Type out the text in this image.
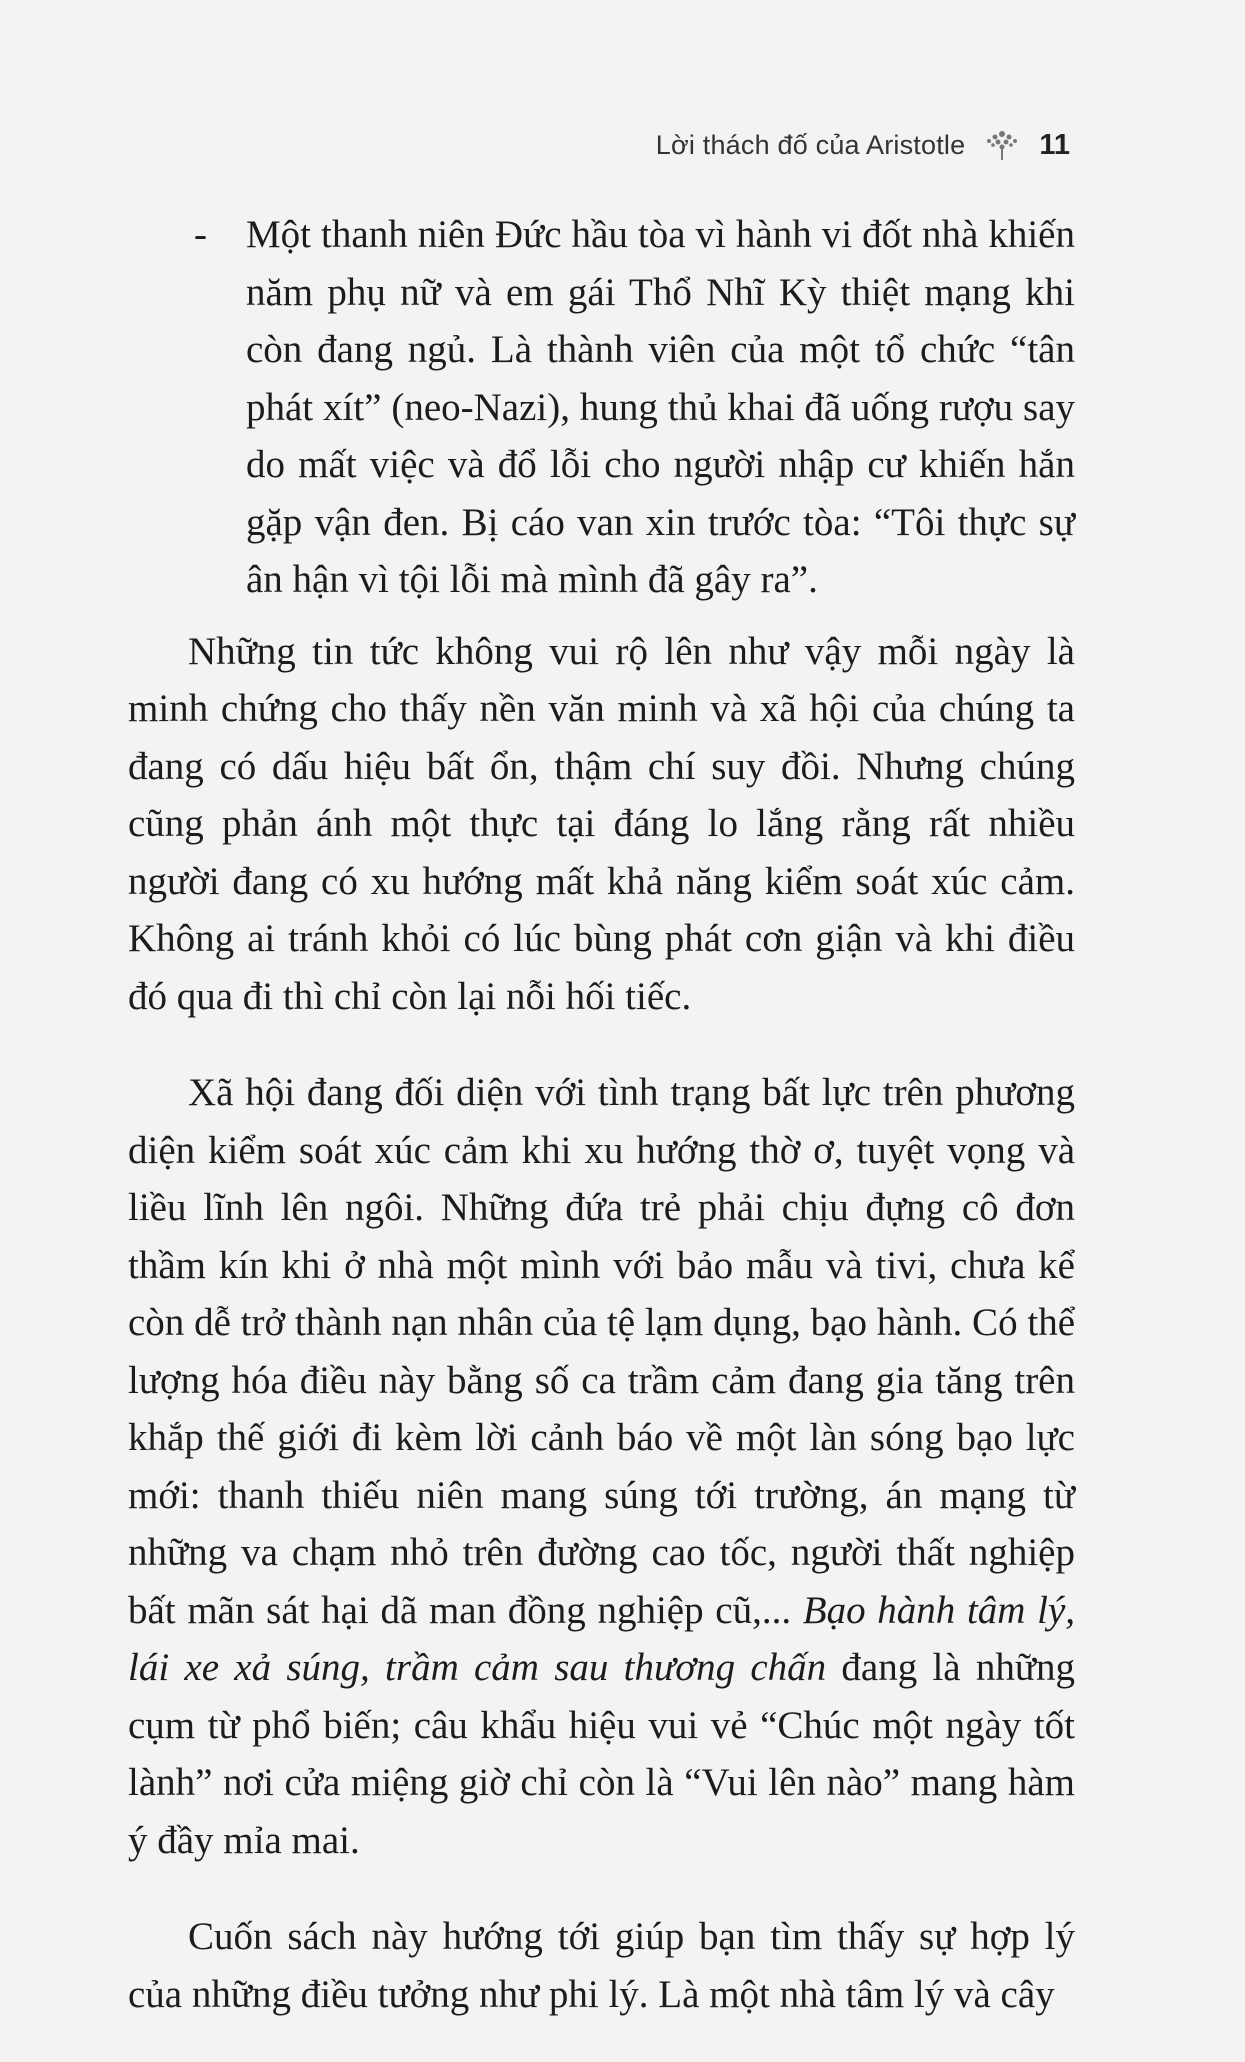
Lời thách đố của Aristotle	11
-	Một thanh niên Đức hầu tòa vì hành vi đốt nhà khiến năm phụ nữ và em gái Thổ Nhĩ Kỳ thiệt mạng khi còn đang ngủ. Là thành viên của một tổ chức “tân phát xít” (neo-Nazi), hung thủ khai đã uống rượu say do mất việc và đổ lỗi cho người nhập cư khiến hắn gặp vận đen. Bị cáo van xin trước tòa: “Tôi thực sự ân hận vì tội lỗi mà mình đã gây ra”.

Những tin tức không vui rộ lên như vậy mỗi ngày là minh chứng cho thấy nền văn minh và xã hội của chúng ta đang có dấu hiệu bất ổn, thậm chí suy đồi. Nhưng chúng cũng phản ánh một thực tại đáng lo lắng rằng rất nhiều người đang có xu hướng mất khả năng kiểm soát xúc cảm. Không ai tránh khỏi có lúc bùng phát cơn giận và khi điều đó qua đi thì chỉ còn lại nỗi hối tiếc.

Xã hội đang đối diện với tình trạng bất lực trên phương diện kiểm soát xúc cảm khi xu hướng thờ ơ, tuyệt vọng và liều lĩnh lên ngôi. Những đứa trẻ phải chịu đựng cô đơn thầm kín khi ở nhà một mình với bảo mẫu và tivi, chưa kể còn dễ trở thành nạn nhân của tệ lạm dụng, bạo hành. Có thể lượng hóa điều này bằng số ca trầm cảm đang gia tăng trên khắp thế giới đi kèm lời cảnh báo về một làn sóng bạo lực mới: thanh thiếu niên mang súng tới trường, án mạng từ những va chạm nhỏ trên đường cao tốc, người thất nghiệp bất mãn sát hại dã man đồng nghiệp cũ,... Bạo hành tâm lý, lái xe xả súng, trầm cảm sau thương chấn đang là những cụm từ phổ biến; câu khẩu hiệu vui vẻ “Chúc một ngày tốt lành” nơi cửa miệng giờ chỉ còn là “Vui lên nào” mang hàm ý đầy mỉa mai.

Cuốn sách này hướng tới giúp bạn tìm thấy sự hợp lý của những điều tưởng như phi lý. Là một nhà tâm lý và cây
